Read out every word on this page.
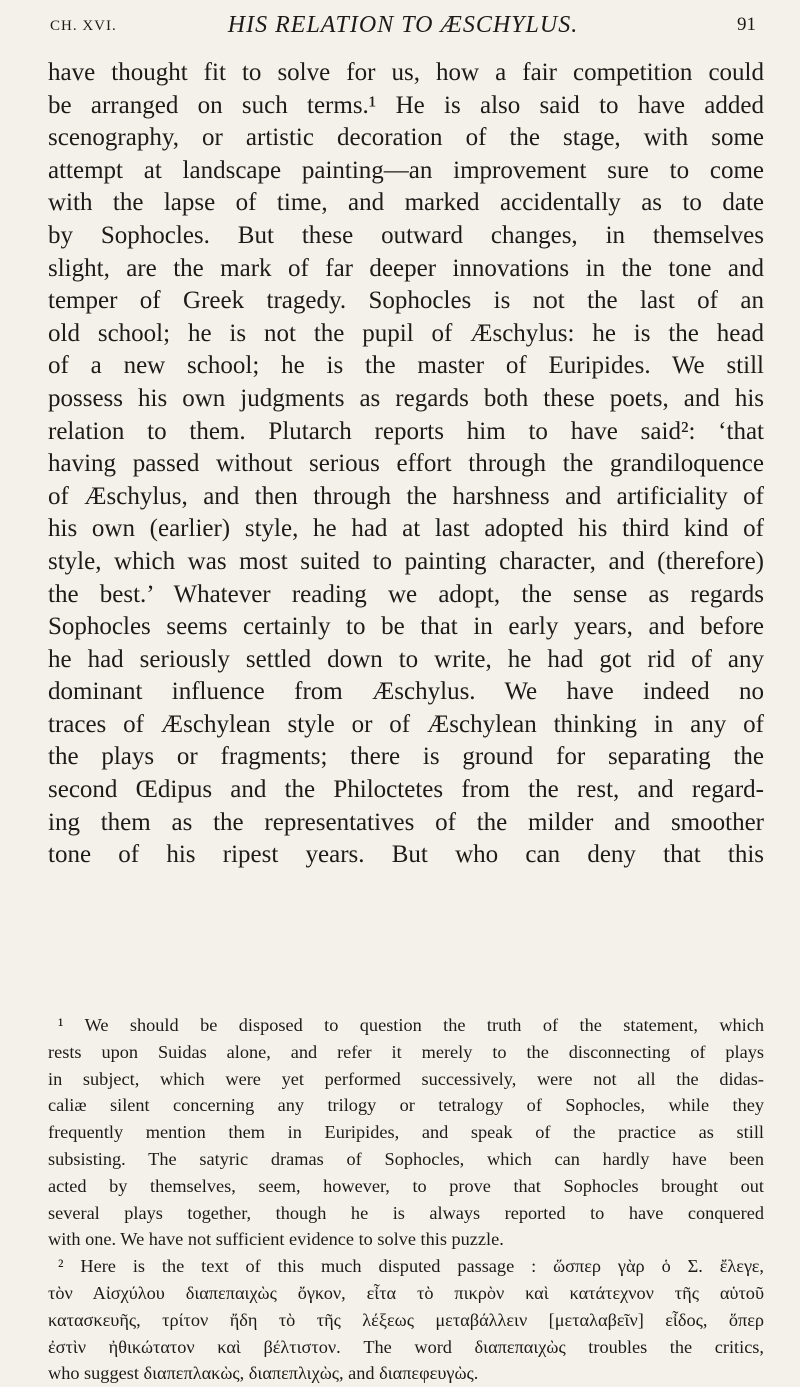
CH. XVI.	HIS RELATION TO ÆSCHYLUS.	91
have thought fit to solve for us, how a fair competition could
be arranged on such terms.¹ He is also said to have added
scenography, or artistic decoration of the stage, with some
attempt at landscape painting—an improvement sure to come
with the lapse of time, and marked accidentally as to date
by Sophocles. But these outward changes, in themselves
slight, are the mark of far deeper innovations in the tone and
temper of Greek tragedy. Sophocles is not the last of an
old school; he is not the pupil of Æschylus: he is the head
of a new school; he is the master of Euripides. We still
possess his own judgments as regards both these poets, and his
relation to them. Plutarch reports him to have said²: ‘that
having passed without serious effort through the grandiloquence
of Æschylus, and then through the harshness and artificiality of
his own (earlier) style, he had at last adopted his third kind of
style, which was most suited to painting character, and (therefore)
the best.’ Whatever reading we adopt, the sense as regards
Sophocles seems certainly to be that in early years, and before
he had seriously settled down to write, he had got rid of any
dominant influence from Æschylus. We have indeed no
traces of Æschylean style or of Æschylean thinking in any of
the plays or fragments; there is ground for separating the
second Œdipus and the Philoctetes from the rest, and regard-
ing them as the representatives of the milder and smoother
tone of his ripest years. But who can deny that this
¹ We should be disposed to question the truth of the statement, which
rests upon Suidas alone, and refer it merely to the disconnecting of plays
in subject, which were yet performed successively, were not all the didas-
caliæ silent concerning any trilogy or tetralogy of Sophocles, while they
frequently mention them in Euripides, and speak of the practice as still
subsisting. The satyric dramas of Sophocles, which can hardly have been
acted by themselves, seem, however, to prove that Sophocles brought out
several plays together, though he is always reported to have conquered
with one. We have not sufficient evidence to solve this puzzle.
² Here is the text of this much disputed passage : ὥσπερ γὰρ ὁ Σ. ἔλεγε,
τὸν Αἰσχύλου διαπεπαιχὼς ὄγκον, εἶτα τὸ πικρὸν καὶ κατάτεχνον τῆς αὑτοῦ
κατασκευῆς, τρίτον ἤδη τὸ τῆς λέξεως μεταβάλλειν [μεταλαβεῖν] εἶδος, ὅπερ
ἐστὶν ἠθικώτατον καὶ βέλτιστον. The word διαπεπαιχὼς troubles the critics,
who suggest διαπεπλακὼς, διαπεπλιχὼς, and διαπεφευγὼς.
